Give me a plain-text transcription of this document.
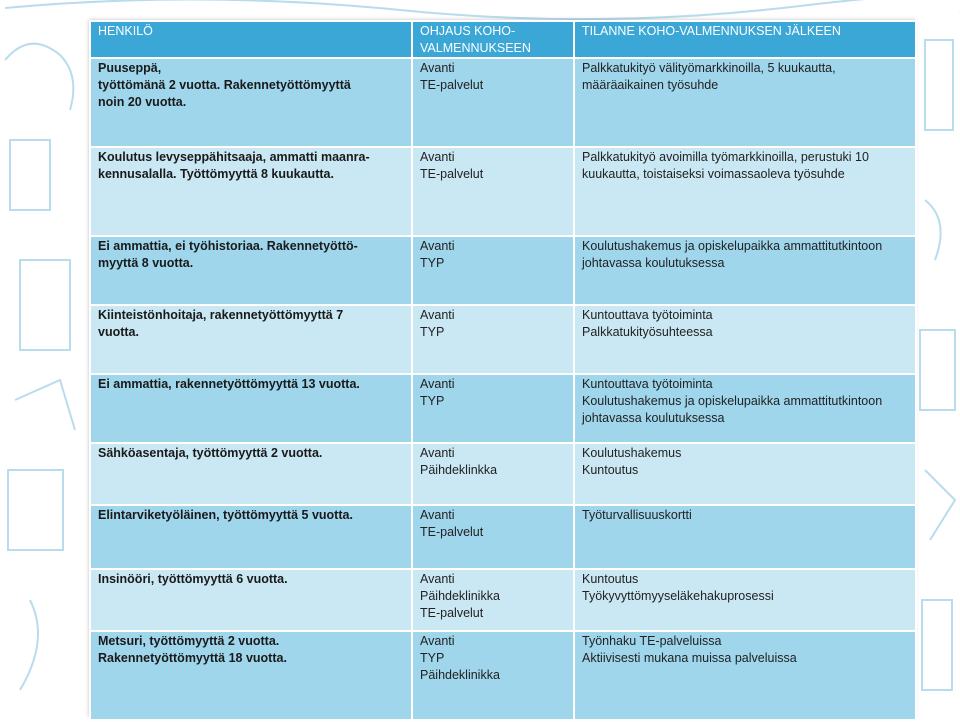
HENKILÖ	OHJAUS KOHO-VALMENNUKSEEN	TILANNE KOHO-VALMENNUKSEN JÄLKEEN

Puuseppä,
työttömänä 2 vuotta. Rakennetyöttömyyttä
noin 20 vuotta.	Avanti
TE-palvelut	Palkkatukityö välityömarkkinoilla, 5 kuukautta,
määräaikainen työsuhde

Koulutus levyseppähitsaaja, ammatti maanra-
kennusalalla. Työttömyyttä 8 kuukautta.	Avanti
TE-palvelut	Palkkatukityö avoimilla työmarkkinoilla, perustuki 10
kuukautta, toistaiseksi voimassaoleva työsuhde

Ei ammattia, ei työhistoriaa. Rakennetyöttö-
myyttä 8 vuotta.	Avanti
TYP	Koulutushakemus ja opiskelupaikka ammattitutkintoon
johtavassa koulutuksessa

Kiinteistönhoitaja, rakennetyöttömyyttä 7
vuotta.	Avanti
TYP	Kuntouttava työtoiminta
Palkkatukityösuhteessa

Ei ammattia, rakennetyöttömyyttä 13 vuotta.	Avanti
TYP	Kuntouttava työtoiminta
Koulutushakemus ja opiskelupaikka ammattitutkintoon
johtavassa koulutuksessa

Sähköasentaja, työttömyyttä 2 vuotta.	Avanti
Päihdeklinkka	Koulutushakemus
Kuntoutus

Elintarviketyöläinen, työttömyyttä 5 vuotta.	Avanti
TE-palvelut	Työturvallisuuskortti

Insinööri, työttömyyttä 6 vuotta.	Avanti
Päihdeklinikka
TE-palvelut	Kuntoutus
Työkyvyttömyyseläkehakuprosessi

Metsuri, työttömyyttä 2 vuotta.
Rakennetyöttömyyttä 18 vuotta.	Avanti
TYP
Päihdeklinikka	Työnhaku TE-palveluissa
Aktiivisesti mukana muissa palveluissa
